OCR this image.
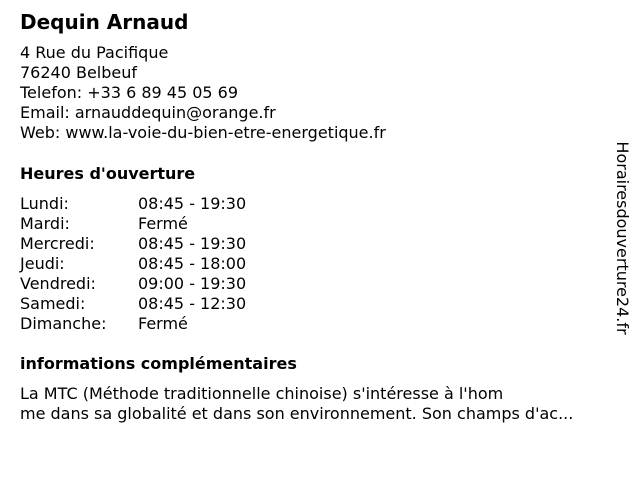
Dequin Arnaud
4 Rue du Pacifique
76240 Belbeuf
Telefon: +33 6 89 45 05 69
Email: arnauddequin@orange.fr
Web: www.la-voie-du-bien-etre-energetique.fr
Heures d'ouverture
Lundi:	08:45 - 19:30
Mardi:	Fermé
Mercredi:	08:45 - 19:30
Jeudi:	08:45 - 18:00
Vendredi:	09:00 - 19:30
Samedi:	08:45 - 12:30
Dimanche: Fermé
informations complémentaires
La MTC (Méthode traditionnelle chinoise) s'intéresse à l'hom
me dans sa globalité et dans son environnement. Son champs d'ac...
Horairesdouverture24.fr
